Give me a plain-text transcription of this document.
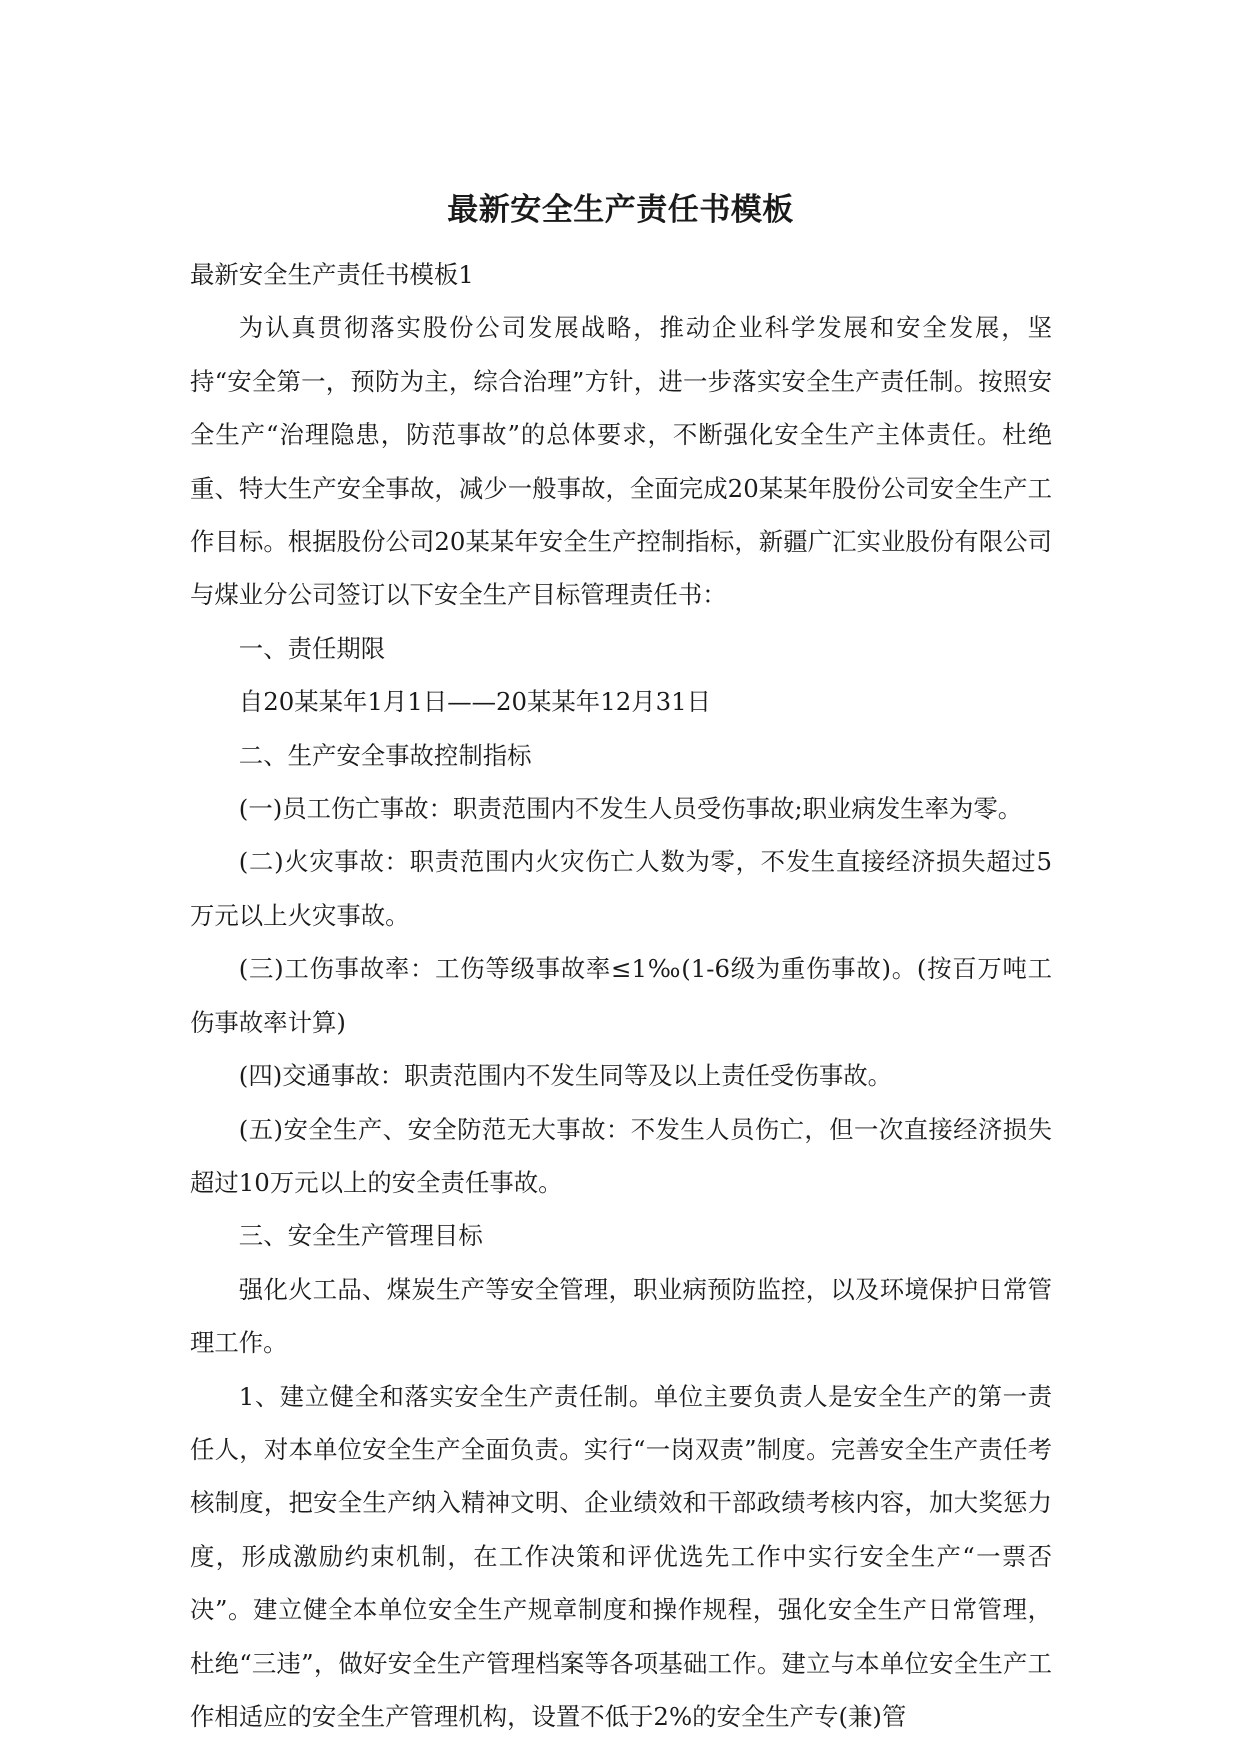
最新安全生产责任书模板

最新安全生产责任书模板1

为认真贯彻落实股份公司发展战略，推动企业科学发展和安全发展，坚持“安全第一，预防为主，综合治理”方针，进一步落实安全生产责任制。按照安全生产“治理隐患，防范事故”的总体要求，不断强化安全生产主体责任。杜绝重、特大生产安全事故，减少一般事故，全面完成20某某年股份公司安全生产工作目标。根据股份公司20某某年安全生产控制指标，新疆广汇实业股份有限公司与煤业分公司签订以下安全生产目标管理责任书：

一、责任期限

自20某某年1月1日——20某某年12月31日

二、生产安全事故控制指标

(一)员工伤亡事故：职责范围内不发生人员受伤事故;职业病发生率为零。

(二)火灾事故：职责范围内火灾伤亡人数为零，不发生直接经济损失超过5万元以上火灾事故。

(三)工伤事故率：工伤等级事故率≤1‰(1-6级为重伤事故)。(按百万吨工伤事故率计算)

(四)交通事故：职责范围内不发生同等及以上责任受伤事故。

(五)安全生产、安全防范无大事故：不发生人员伤亡，但一次直接经济损失超过10万元以上的安全责任事故。

三、安全生产管理目标

强化火工品、煤炭生产等安全管理，职业病预防监控，以及环境保护日常管理工作。

1、建立健全和落实安全生产责任制。单位主要负责人是安全生产的第一责任人，对本单位安全生产全面负责。实行“一岗双责”制度。完善安全生产责任考核制度，把安全生产纳入精神文明、企业绩效和干部政绩考核内容，加大奖惩力度，形成激励约束机制，在工作决策和评优选先工作中实行安全生产“一票否决”。建立健全本单位安全生产规章制度和操作规程，强化安全生产日常管理，杜绝“三违”，做好安全生产管理档案等各项基础工作。建立与本单位安全生产工作相适应的安全生产管理机构，设置不低于2%的安全生产专(兼)管
